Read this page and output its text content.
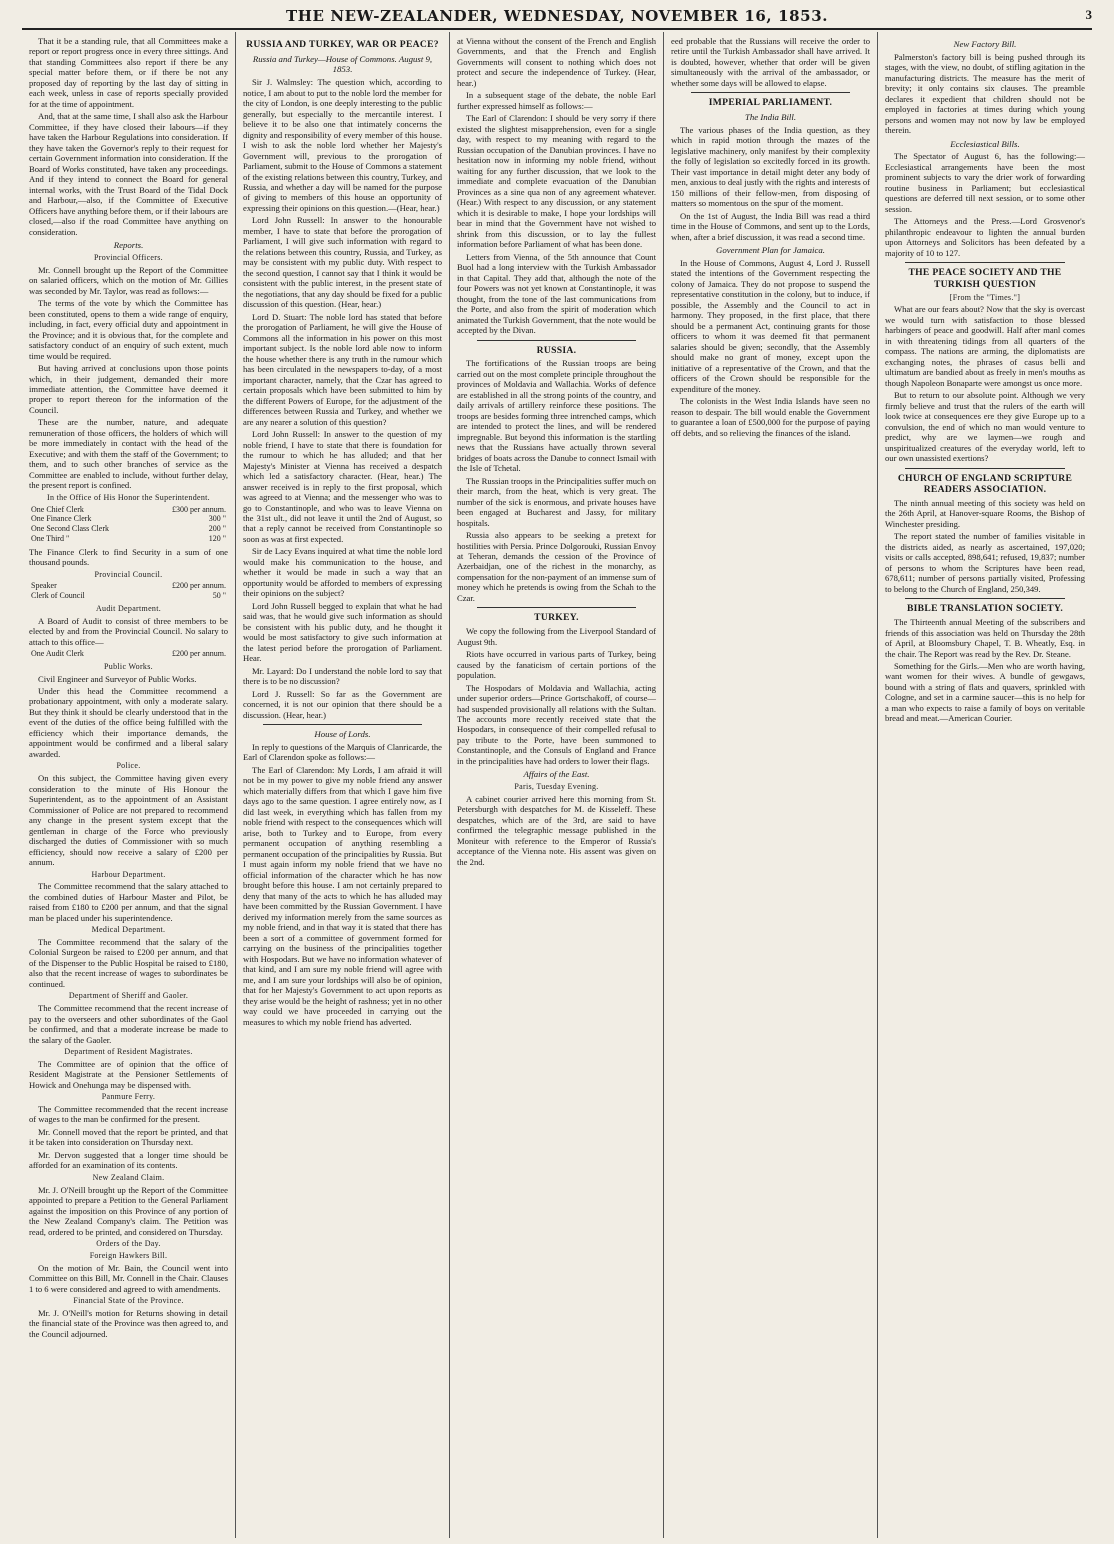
THE NEW-ZEALANDER, WEDNESDAY, NOVEMBER 16, 1853.	3

That it be a standing rule, that all Committees make a report or report progress once in every three sittings. And that standing Committees also report if there be any special matter before them, or if there be not any proposed day of reporting by the last day of sitting in each week, unless in case of reports specially provided for at the time of appointment.

And, that at the same time, I shall also ask the Harbour Committee, if they have closed their labours—if they have taken the Harbour Regulations into consideration. If they have taken the Governor's reply to their request for certain Government information into consideration. If the Board of Works constituted, have taken any proceedings. And if they intend to connect the Board for general internal works, with the Trust Board of the Tidal Dock and Harbour,—also, if the Committee of Executive Officers have anything before them, or if their labours are closed,—also if the road Committee have anything on consideration.

Reports.
Provincial Officers.

Mr. Connell brought up the Report of the Committee on salaried officers, which on the motion of Mr. Gillies was seconded by Mr. Taylor, was read as follows:—

The terms of the vote by which the Committee has been constituted, opens to them a wide range of enquiry, including, in fact, every official duty and appointment in the Province; and it is obvious that, for the complete and satisfactory conduct of an enquiry of such extent, much time would be required.

But having arrived at conclusions upon those points which, in their judgement, demanded their more immediate attention, the Committee have deemed it proper to report thereon for the information of the Council.

These are the number, nature, and adequate remuneration of those officers, the holders of which will be more immediately in contact with the head of the Executive; and with them the staff of the Government; to them, and to such other branches of service as the Committee are enabled to include, without further delay, the present report is confined.

In the Office of His Honor the Superintendent.
One Chief Clerk	£300 per annum.
One Finance Clerk	300 "
One Second Class Clerk	200 "
One Third "	120 "

The Finance Clerk to find Security in a sum of one thousand pounds.

Provincial Council.
Speaker	£200 per annum.
Clerk of Council	50 "
Audit Department.

A Board of Audit to consist of three members to be elected by and from the Provincial Council. No salary to attach to this office—

One Audit Clerk	£200 per annum.
Public Works.

Civil Engineer and Surveyor of Public Works.

Under this head the Committee recommend a probationary appointment, with only a moderate salary. But they think it should be clearly understood that in the event of the duties of the office being fulfilled with the efficiency which their importance demands, the appointment would be confirmed and a liberal salary awarded.

Police.

On this subject, the Committee having given every consideration to the minute of His Honour the Superintendent, as to the appointment of an Assistant Commissioner of Police are not prepared to recommend any change in the present system except that the gentleman in charge of the Force who previously discharged the duties of Commissioner with so much efficiency, should now receive a salary of £200 per annum.

Harbour Department.

The Committee recommend that the salary attached to the combined duties of Harbour Master and Pilot, be raised from £180 to £200 per annum, and that the signal man be placed under his superintendence.

Medical Department.

The Committee recommend that the salary of the Colonial Surgeon be raised to £200 per annum, and that of the Dispenser to the Public Hospital be raised to £180, also that the recent increase of wages to subordinates be continued.

Department of Sheriff and Gaoler.

The Committee recommend that the recent increase of pay to the overseers and other subordinates of the Gaol be confirmed, and that a moderate increase be made to the salary of the Gaoler.

Department of Resident Magistrates.

The Committee are of opinion that the office of Resident Magistrate at the Pensioner Settlements of Howick and Onehunga may be dispensed with.

Panmure Ferry.

The Committee recommended that the recent increase of wages to the man be confirmed for the present.

Mr. Connell moved that the report be printed, and that it be taken into consideration on Thursday next.

Mr. Dervon suggested that a longer time should be afforded for an examination of its contents.

New Zealand Claim.

Mr. J. O'Neill brought up the Report of the Committee appointed to prepare a Petition to the General Parliament against the imposition on this Province of any portion of the New Zealand Company's claim. The Petition was read, ordered to be printed, and considered on Thursday.

Orders of the Day.
Foreign Hawkers Bill.

On the motion of Mr. Bain, the Council went into Committee on this Bill, Mr. Connell in the Chair. Clauses 1 to 6 were considered and agreed to with amendments.

Financial State of the Province.

Mr. J. O'Neill's motion for Returns showing in detail the financial state of the Province was then agreed to, and the Council adjourned.

RUSSIA AND TURKEY, WAR OR PEACE?
Russia and Turkey—House of Commons. August 9, 1853.

Sir J. Walmsley: The question which, according to notice, I am about to put to the noble lord the member for the city of London, is one deeply interesting to the public generally, but especially to the mercantile interest. I believe it to be also one that intimately concerns the dignity and responsibility of every member of this house. I wish to ask the noble lord whether her Majesty's Government will, previous to the prorogation of Parliament, submit to the House of Commons a statement of the existing relations between this country, Turkey, and Russia, and whether a day will be named for the purpose of giving to members of this house an opportunity of expressing their opinions on this question.—(Hear, hear.)

Lord John Russell: In answer to the honourable member, I have to state that before the prorogation of Parliament, I will give such information with regard to the relations between this country, Russia, and Turkey, as may be consistent with my public duty. With respect to the second question, I cannot say that I think it would be consistent with the public interest, in the present state of the negotiations, that any day should be fixed for a public discussion of this question. (Hear, hear.)

Lord D. Stuart: The noble lord has stated that before the prorogation of Parliament, he will give the House of Commons all the information in his power on this most important subject. Is the noble lord able now to inform the house whether there is any truth in the rumour which has been circulated in the newspapers to-day, of a most important character, namely, that the Czar has agreed to certain proposals which have been submitted to him by the different Powers of Europe, for the adjustment of the differences between Russia and Turkey, and whether we are any nearer a solution of this question?

Lord John Russell: In answer to the question of my noble friend, I have to state that there is foundation for the rumour to which he has alluded; and that her Majesty's Minister at Vienna has received a despatch which led a satisfactory character. (Hear, hear.) The answer received is in reply to the first proposal, which was agreed to at Vienna; and the messenger who was to go to Constantinople, and who was to leave Vienna on the 31st ult., did not leave it until the 2nd of August, so that a reply cannot be received from Constantinople so soon as was at first expected.

Sir de Lacy Evans inquired at what time the noble lord would make his communication to the house, and whether it would be made in such a way that an opportunity would be afforded to members of expressing their opinions on the subject?

Lord John Russell begged to explain that what he had said was, that he would give such information as should be consistent with his public duty, and he thought it would be most satisfactory to give such information at the latest period before the prorogation of Parliament. Hear.

Mr. Layard: Do I understand the noble lord to say that there is to be no discussion?

Lord J. Russell: So far as the Government are concerned, it is not our opinion that there should be a discussion. (Hear, hear.)

House of Lords.

In reply to questions of the Marquis of Clanricarde, the Earl of Clarendon spoke as follows:—

The Earl of Clarendon: My Lords, I am afraid it will not be in my power to give my noble friend any answer which materially differs from that which I gave him five days ago to the same question. I agree entirely now, as I did last week, in everything which has fallen from my noble friend with respect to the consequences which will arise, both to Turkey and to Europe, from every permanent occupation of anything resembling a permanent occupation of the principalities by Russia. But I must again inform my noble friend that we have no official information of the character which he has now brought before this house. I am not certainly prepared to deny that many of the acts to which he has alluded may have been committed by the Russian Government. I have derived my information merely from the same sources as my noble friend, and in that way it is stated that there has been a sort of a committee of government formed for carrying on the business of the principalities together with Hospodars. But we have no information whatever of that kind, and I am sure my noble friend will agree with me, and I am sure your lordships will also be of opinion, that for her Majesty's Government to act upon reports as they arise would be the height of rashness; yet in no other way could we have proceeded in carrying out the measures to which my noble friend has adverted.

at Vienna without the consent of the French and English Governments, and that the French and English Governments will consent to nothing which does not protect and secure the independence of Turkey. (Hear, hear.)

In a subsequent stage of the debate, the noble Earl further expressed himself as follows:—

The Earl of Clarendon: I should be very sorry if there existed the slightest misapprehension, even for a single day, with respect to my meaning with regard to the Russian occupation of the Danubian provinces. I have no hesitation now in informing my noble friend, without waiting for any further discussion, that we look to the immediate and complete evacuation of the Danubian Provinces as a sine qua non of any agreement whatever. (Hear.) With respect to any discussion, or any statement which it is desirable to make, I hope your lordships will bear in mind that the Government have not wished to shrink from this discussion, or to lay the fullest information before Parliament of what has been done.

Letters from Vienna, of the 5th announce that Count Buol had a long interview with the Turkish Ambassador in that Capital. They add that, although the note of the four Powers was not yet known at Constantinople, it was thought, from the tone of the last communications from the Porte, and also from the spirit of moderation which animated the Turkish Government, that the note would be accepted by the Divan.

RUSSIA.

The fortifications of the Russian troops are being carried out on the most complete principle throughout the provinces of Moldavia and Wallachia. Works of defence are established in all the strong points of the country, and daily arrivals of artillery reinforce these positions. The troops are besides forming three intrenched camps, which are intended to protect the lines, and will be rendered impregnable. But beyond this information is the startling news that the Russians have actually thrown several bridges of boats across the Danube to connect Ismail with the Isle of Tchetal.

The Russian troops in the Principalities suffer much on their march, from the heat, which is very great. The number of the sick is enormous, and private houses have been engaged at Bucharest and Jassy, for military hospitals.

Russia also appears to be seeking a pretext for hostilities with Persia. Prince Dolgorouki, Russian Envoy at Teheran, demands the cession of the Province of Azerbaidjan, one of the richest in the monarchy, as compensation for the non-payment of an immense sum of money which he pretends is owing from the Schah to the Czar.

TURKEY.

We copy the following from the Liverpool Standard of August 9th.

Riots have occurred in various parts of Turkey, being caused by the fanaticism of certain portions of the population.

The Hospodars of Moldavia and Wallachia, acting under superior orders—Prince Gortschakoff, of course—had suspended provisionally all relations with the Sultan. The accounts more recently received state that the Hospodars, in consequence of their compelled refusal to pay tribute to the Porte, have been summoned to Constantinople, and the Consuls of England and France in the principalities have had orders to lower their flags.

Affairs of the East.
Paris, Tuesday Evening.

A cabinet courier arrived here this morning from St. Petersburgh with despatches for M. de Kisseleff. These despatches, which are of the 3rd, are said to have confirmed the telegraphic message published in the Moniteur with reference to the Emperor of Russia's acceptance of the Vienna note. His assent was given on the 2nd.

eed probable that the Russians will receive the order to retire until the Turkish Ambassador shall have arrived. It is doubted, however, whether that order will be given simultaneously with the arrival of the ambassador, or whether some days will be allowed to elapse.

IMPERIAL PARLIAMENT.
The India Bill.

The various phases of the India question, as they which in rapid motion through the mazes of the legislative machinery, only manifest by their complexity the folly of legislation so excitedly forced in its growth. Their vast importance in detail might deter any body of men, anxious to deal justly with the rights and interests of 150 millions of their fellow-men, from disposing of matters so momentous on the spur of the moment.

On the 1st of August, the India Bill was read a third time in the House of Commons, and sent up to the Lords, when, after a brief discussion, it was read a second time.

Government Plan for Jamaica.

In the House of Commons, August 4, Lord J. Russell stated the intentions of the Government respecting the colony of Jamaica. They do not propose to suspend the representative constitution in the colony, but to induce, if possible, the Assembly and the Council to act in harmony. They proposed, in the first place, that there should be a permanent Act, continuing grants for those officers to whom it was deemed fit that permanent salaries should be given; secondly, that the Assembly should make no grant of money, except upon the initiative of a representative of the Crown, and that the officers of the Crown should be responsible for the expenditure of the money.

The colonists in the West India Islands have seen no reason to despair. The bill would enable the Government to guarantee a loan of £500,000 for the purpose of paying off debts, and so relieving the finances of the island.

New Factory Bill.

Palmerston's factory bill is being pushed through its stages, with the view, no doubt, of stifling agitation in the manufacturing districts. The measure has the merit of brevity; it only contains six clauses. The preamble declares it expedient that children should not be employed in factories at times during which young persons and women may not now by law be employed therein.

Ecclesiastical Bills.

The Spectator of August 6, has the following:—Ecclesiastical arrangements have been the most prominent subjects to vary the drier work of forwarding routine business in Parliament; but ecclesiastical questions are deferred till next session, or to some other session.

The Attorneys and the Press.—Lord Grosvenor's philanthropic endeavour to lighten the annual burden upon Attorneys and Solicitors has been defeated by a majority of 10 to 127.

THE PEACE SOCIETY AND THE TURKISH QUESTION
[From the "Times."]

What are our fears about? Now that the sky is overcast we would turn with satisfaction to those blessed harbingers of peace and goodwill. Half after manl comes in with threatening tidings from all quarters of the compass. The nations are arming, the diplomatists are exchanging notes, the phrases of casus belli and ultimatum are bandied about as freely in men's mouths as though Napoleon Bonaparte were amongst us once more.

But to return to our absolute point. Although we very firmly believe and trust that the rulers of the earth will look twice at consequences ere they give Europe up to a convulsion, the end of which no man would venture to predict, why are we laymen—we rough and unspiritualized creatures of the everyday world, left to our own unassisted exertions?

CHURCH OF ENGLAND SCRIPTURE READERS ASSOCIATION.

The ninth annual meeting of this society was held on the 26th April, at Hanover-square Rooms, the Bishop of Winchester presiding.

The report stated the number of families visitable in the districts aided, as nearly as ascertained, 197,020; visits or calls accepted, 898,641; refused, 19,837; number of persons to whom the Scriptures have been read, 678,611; number of persons partially visited, Professing to belong to the Church of England, 250,349.

BIBLE TRANSLATION SOCIETY.

The Thirteenth annual Meeting of the subscribers and friends of this association was held on Thursday the 28th of April, at Bloomsbury Chapel, T. B. Wheatly, Esq. in the chair. The Report was read by the Rev. Dr. Steane.

Something for the Girls.—Men who are worth having, want women for their wives. A bundle of gewgaws, bound with a string of flats and quavers, sprinkled with Cologne, and set in a carmine saucer—this is no help for a man who expects to raise a family of boys on veritable bread and meat.—American Courier.
